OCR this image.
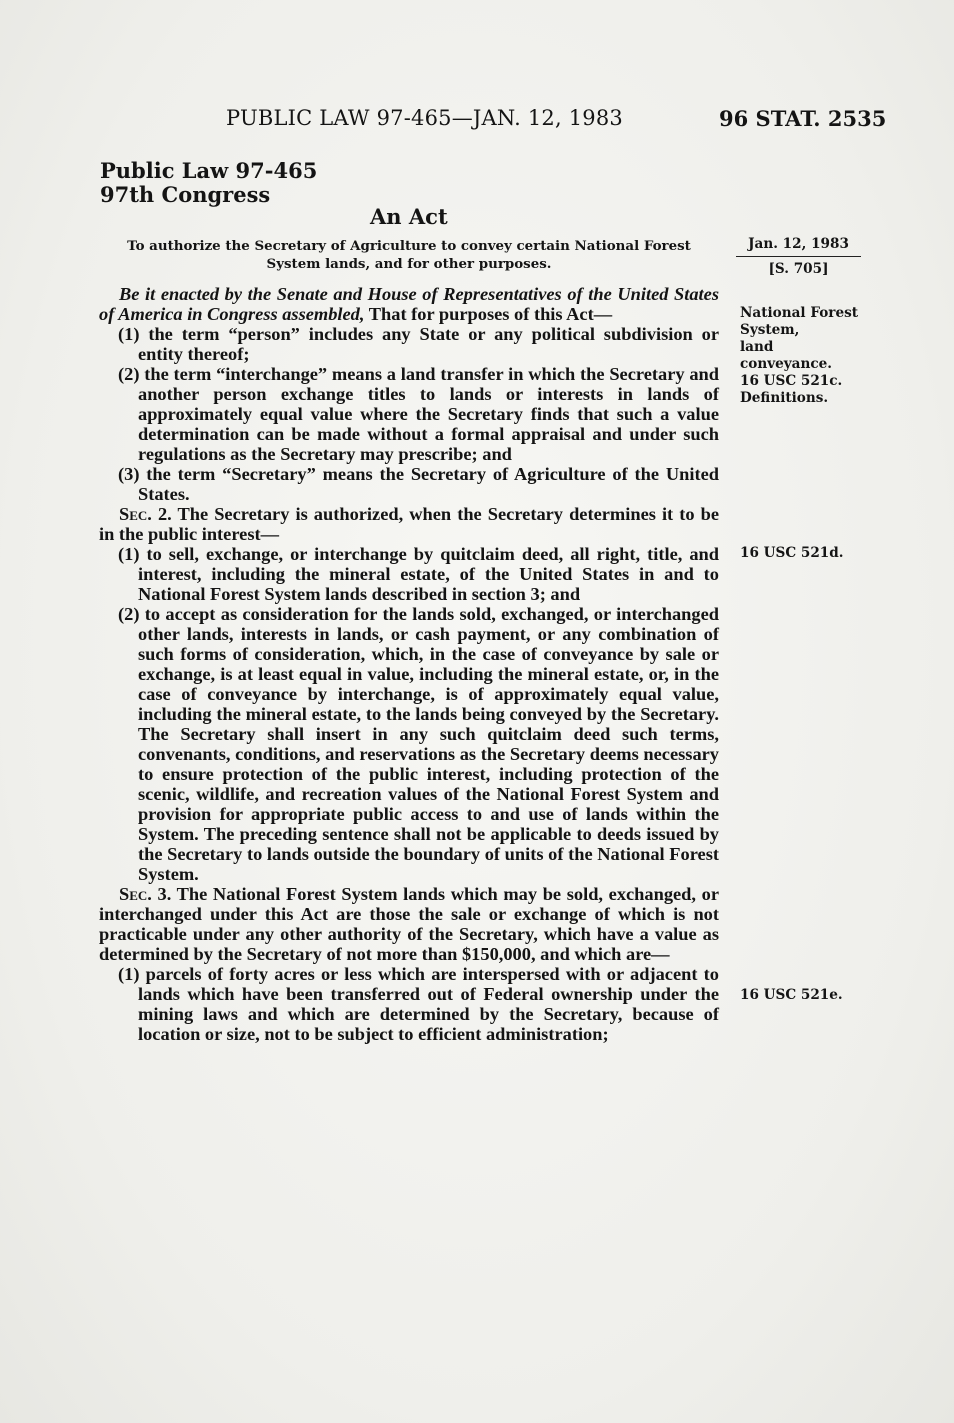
PUBLIC LAW 97-465—JAN. 12, 1983	96 STAT. 2535
Public Law 97-465
97th Congress
An Act
To authorize the Secretary of Agriculture to convey certain National Forest System lands, and for other purposes.
Jan. 12, 1983
[S. 705]
National Forest System,
land conveyance.
16 USC 521c.
Definitions.
16 USC 521d.
16 USC 521e.

Be it enacted by the Senate and House of Representatives of the United States of America in Congress assembled, That for purposes of this Act—

(1) the term “person” includes any State or any political subdivision or entity thereof;

(2) the term “interchange” means a land transfer in which the Secretary and another person exchange titles to lands or interests in lands of approximately equal value where the Secretary finds that such a value determination can be made without a formal appraisal and under such regulations as the Secretary may prescribe; and

(3) the term “Secretary” means the Secretary of Agriculture of the United States.

Sec. 2. The Secretary is authorized, when the Secretary determines it to be in the public interest—

(1) to sell, exchange, or interchange by quitclaim deed, all right, title, and interest, including the mineral estate, of the United States in and to National Forest System lands described in section 3; and

(2) to accept as consideration for the lands sold, exchanged, or interchanged other lands, interests in lands, or cash payment, or any combination of such forms of consideration, which, in the case of conveyance by sale or exchange, is at least equal in value, including the mineral estate, or, in the case of conveyance by interchange, is of approximately equal value, including the mineral estate, to the lands being conveyed by the Secretary. The Secretary shall insert in any such quitclaim deed such terms, convenants, conditions, and reservations as the Secretary deems necessary to ensure protection of the public interest, including protection of the scenic, wildlife, and recreation values of the National Forest System and provision for appropriate public access to and use of lands within the System. The preceding sentence shall not be applicable to deeds issued by the Secretary to lands outside the boundary of units of the National Forest System.

Sec. 3. The National Forest System lands which may be sold, exchanged, or interchanged under this Act are those the sale or exchange of which is not practicable under any other authority of the Secretary, which have a value as determined by the Secretary of not more than $150,000, and which are—

(1) parcels of forty acres or less which are interspersed with or adjacent to lands which have been transferred out of Federal ownership under the mining laws and which are determined by the Secretary, because of location or size, not to be subject to efficient administration;
